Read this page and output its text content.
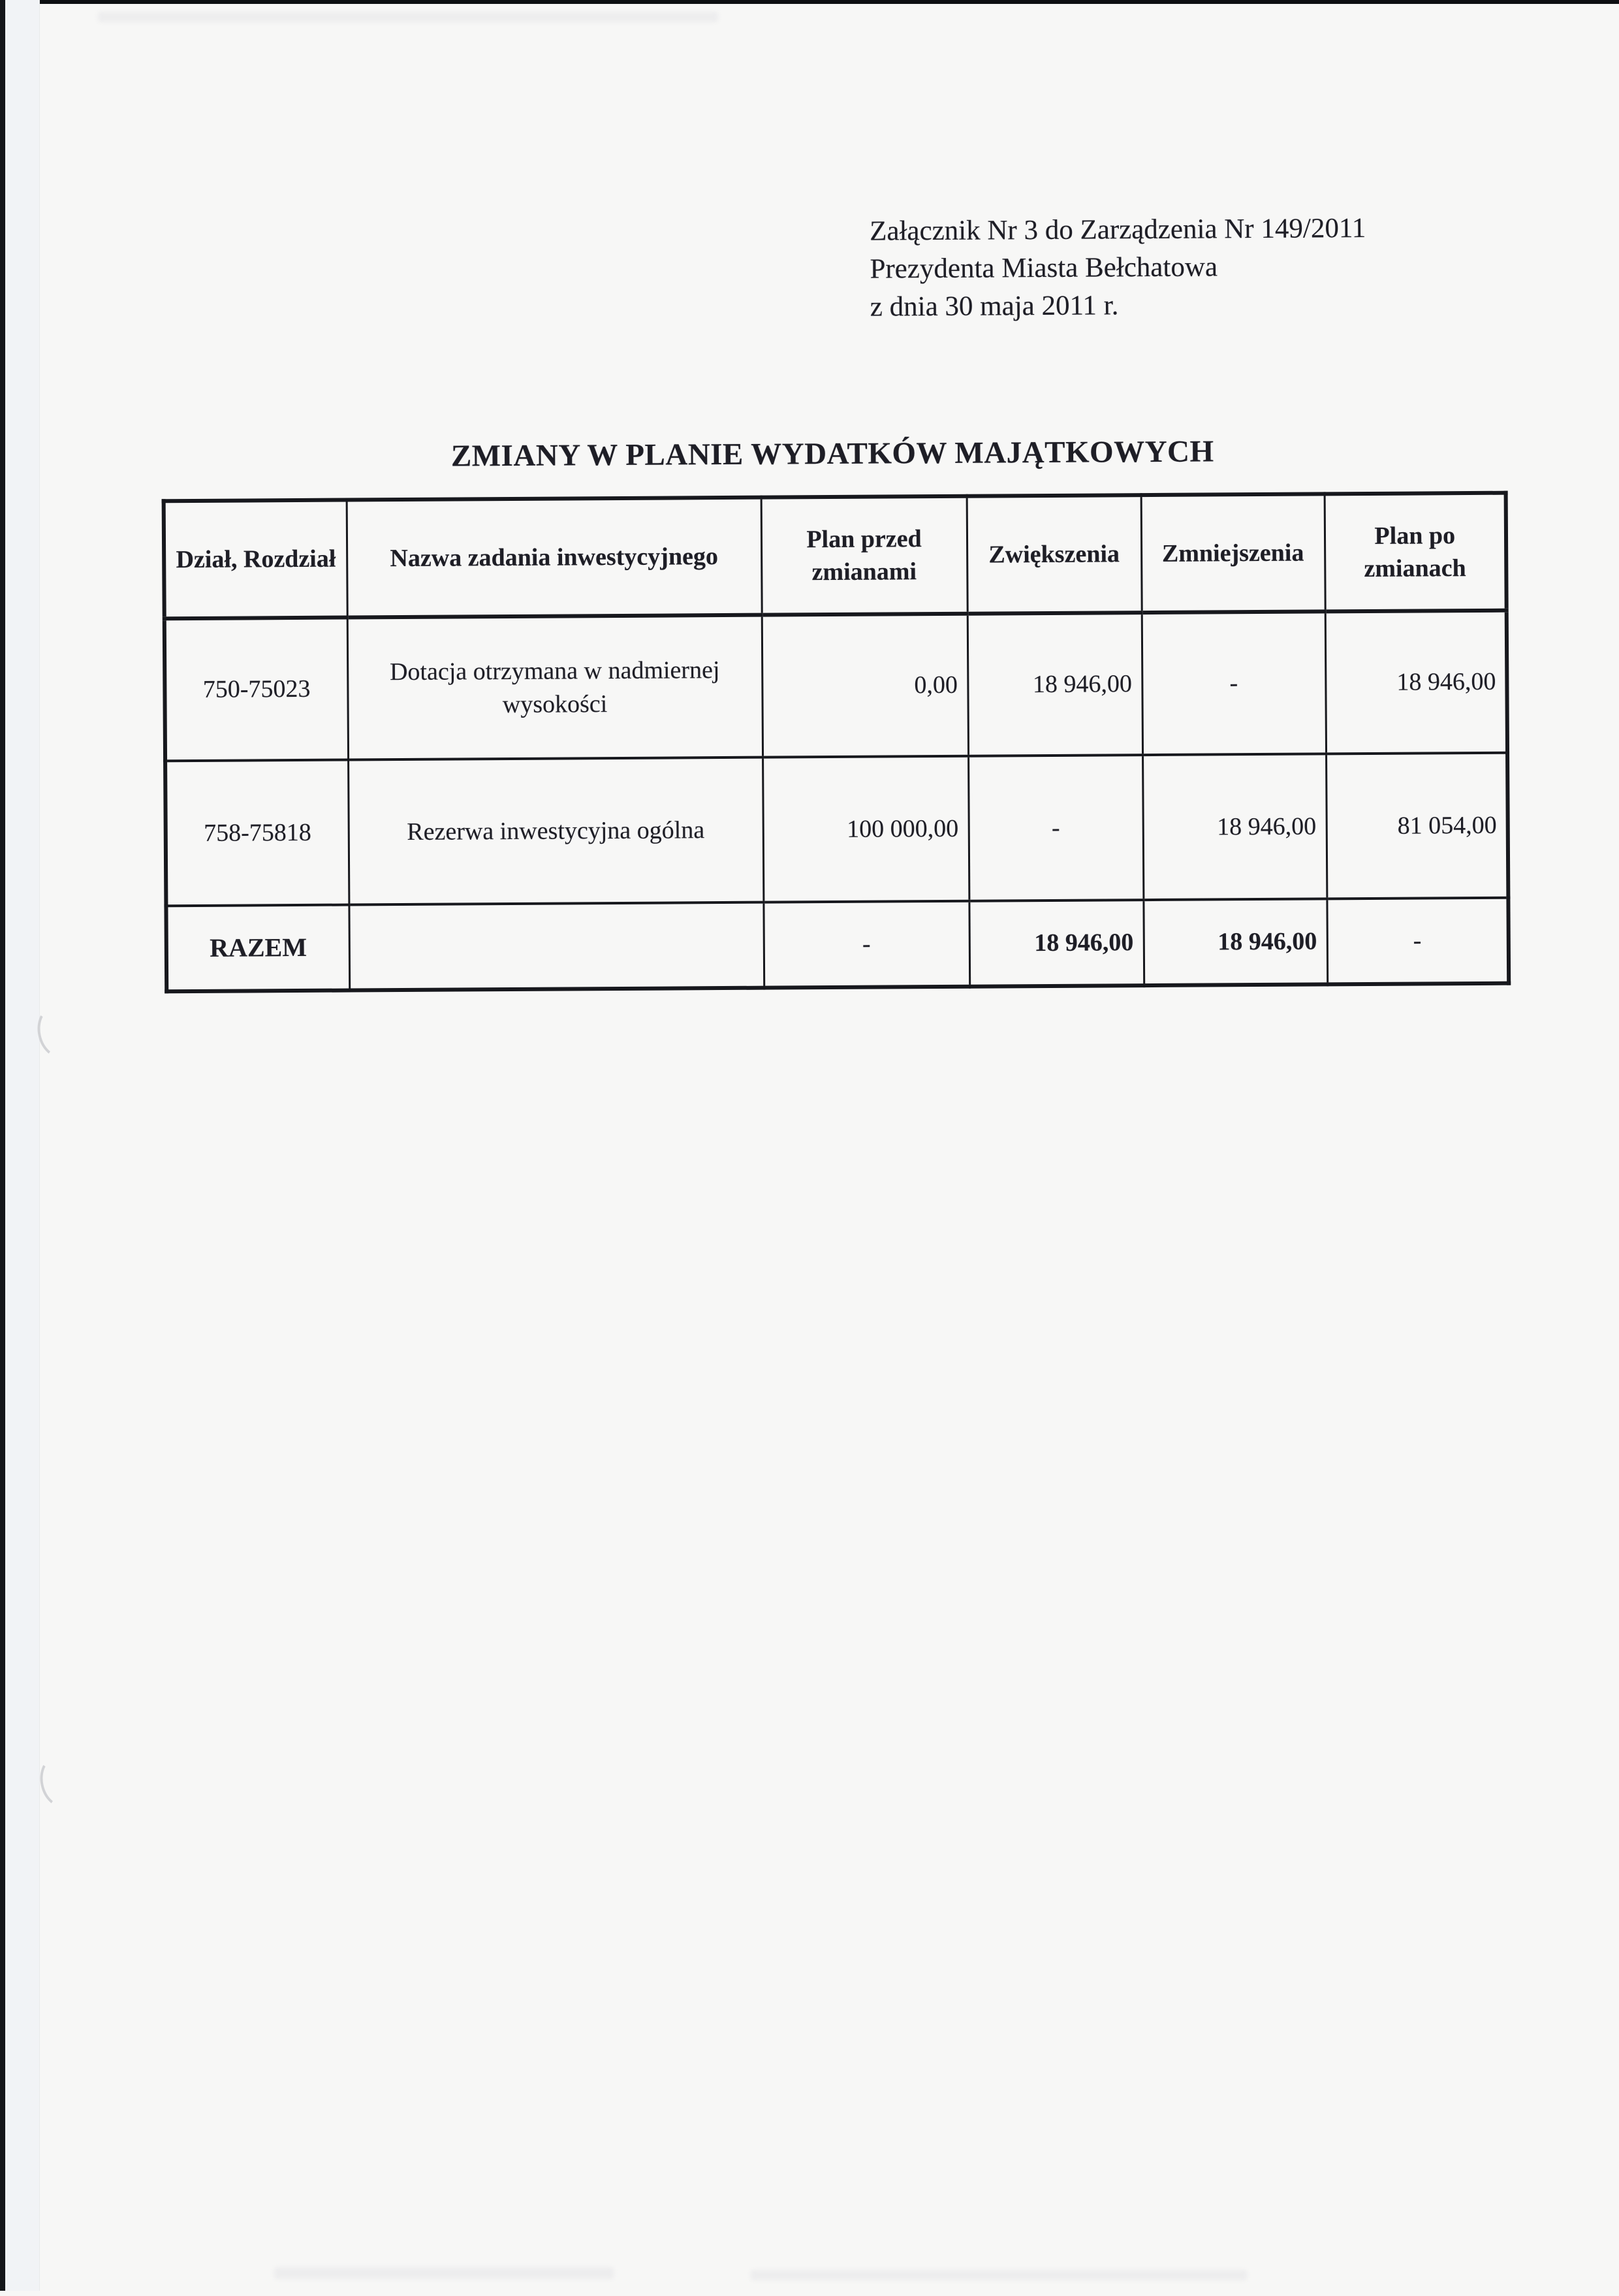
Załącznik Nr 3 do Zarządzenia Nr 149/2011
Prezydenta Miasta Bełchatowa
z dnia 30 maja 2011 r.
ZMIANY W PLANIE WYDATKÓW MAJĄTKOWYCH
Dział, Rozdział	Nazwa zadania inwestycyjnego	Plan przed zmianami	Zwiększenia	Zmniejszenia	Plan po zmianach
750-75023	Dotacja otrzymana w nadmiernej wysokości	0,00	18 946,00	-	18 946,00
758-75818	Rezerwa inwestycyjna ogólna	100 000,00	-	18 946,00	81 054,00
RAZEM		-	18 946,00	18 946,00	-
